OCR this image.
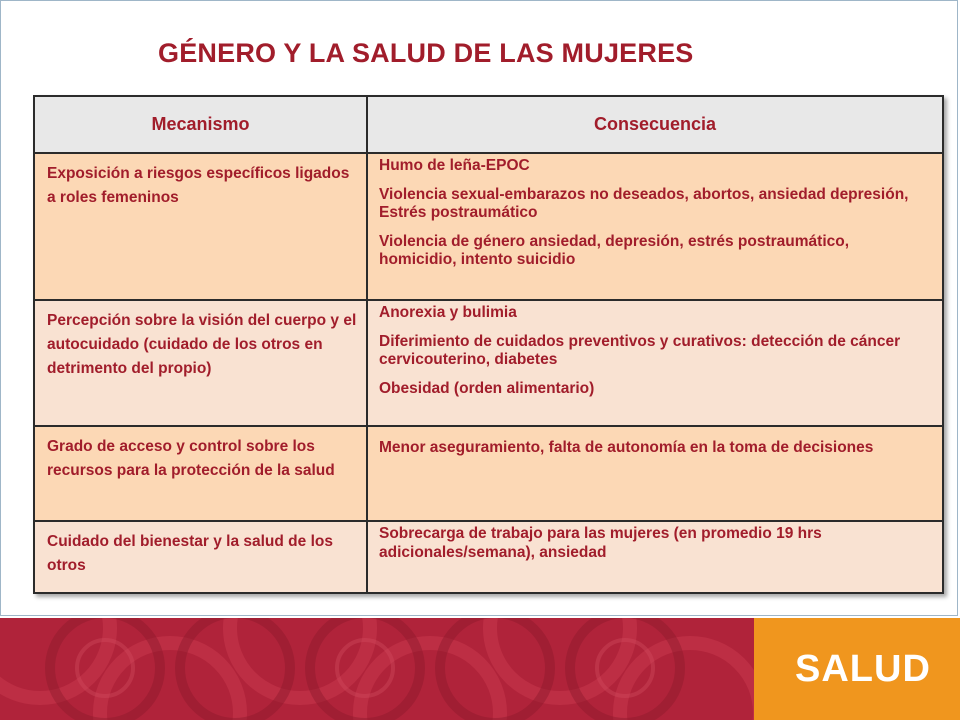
GÉNERO Y LA SALUD DE LAS MUJERES
Mecanismo	Consecuencia
Exposición a riesgos específicos ligados a roles femeninos	Humo de leña-EPOC
Violencia sexual-embarazos no deseados, abortos, ansiedad depresión, Estrés postraumático
Violencia de género ansiedad, depresión, estrés postraumático, homicidio, intento suicidio

Percepción sobre la visión del cuerpo y el autocuidado (cuidado de los otros en detrimento del propio)	Anorexia y bulimia
Diferimiento de cuidados preventivos y curativos: detección de cáncer cervicouterino, diabetes
Obesidad (orden alimentario)

Grado de acceso y control sobre los recursos para la protección de la salud	Menor aseguramiento, falta de autonomía en la toma de decisiones

Cuidado del bienestar y la salud de los otros	Sobrecarga de trabajo para las mujeres (en promedio 19 hrs adicionales/semana), ansiedad
SALUD
